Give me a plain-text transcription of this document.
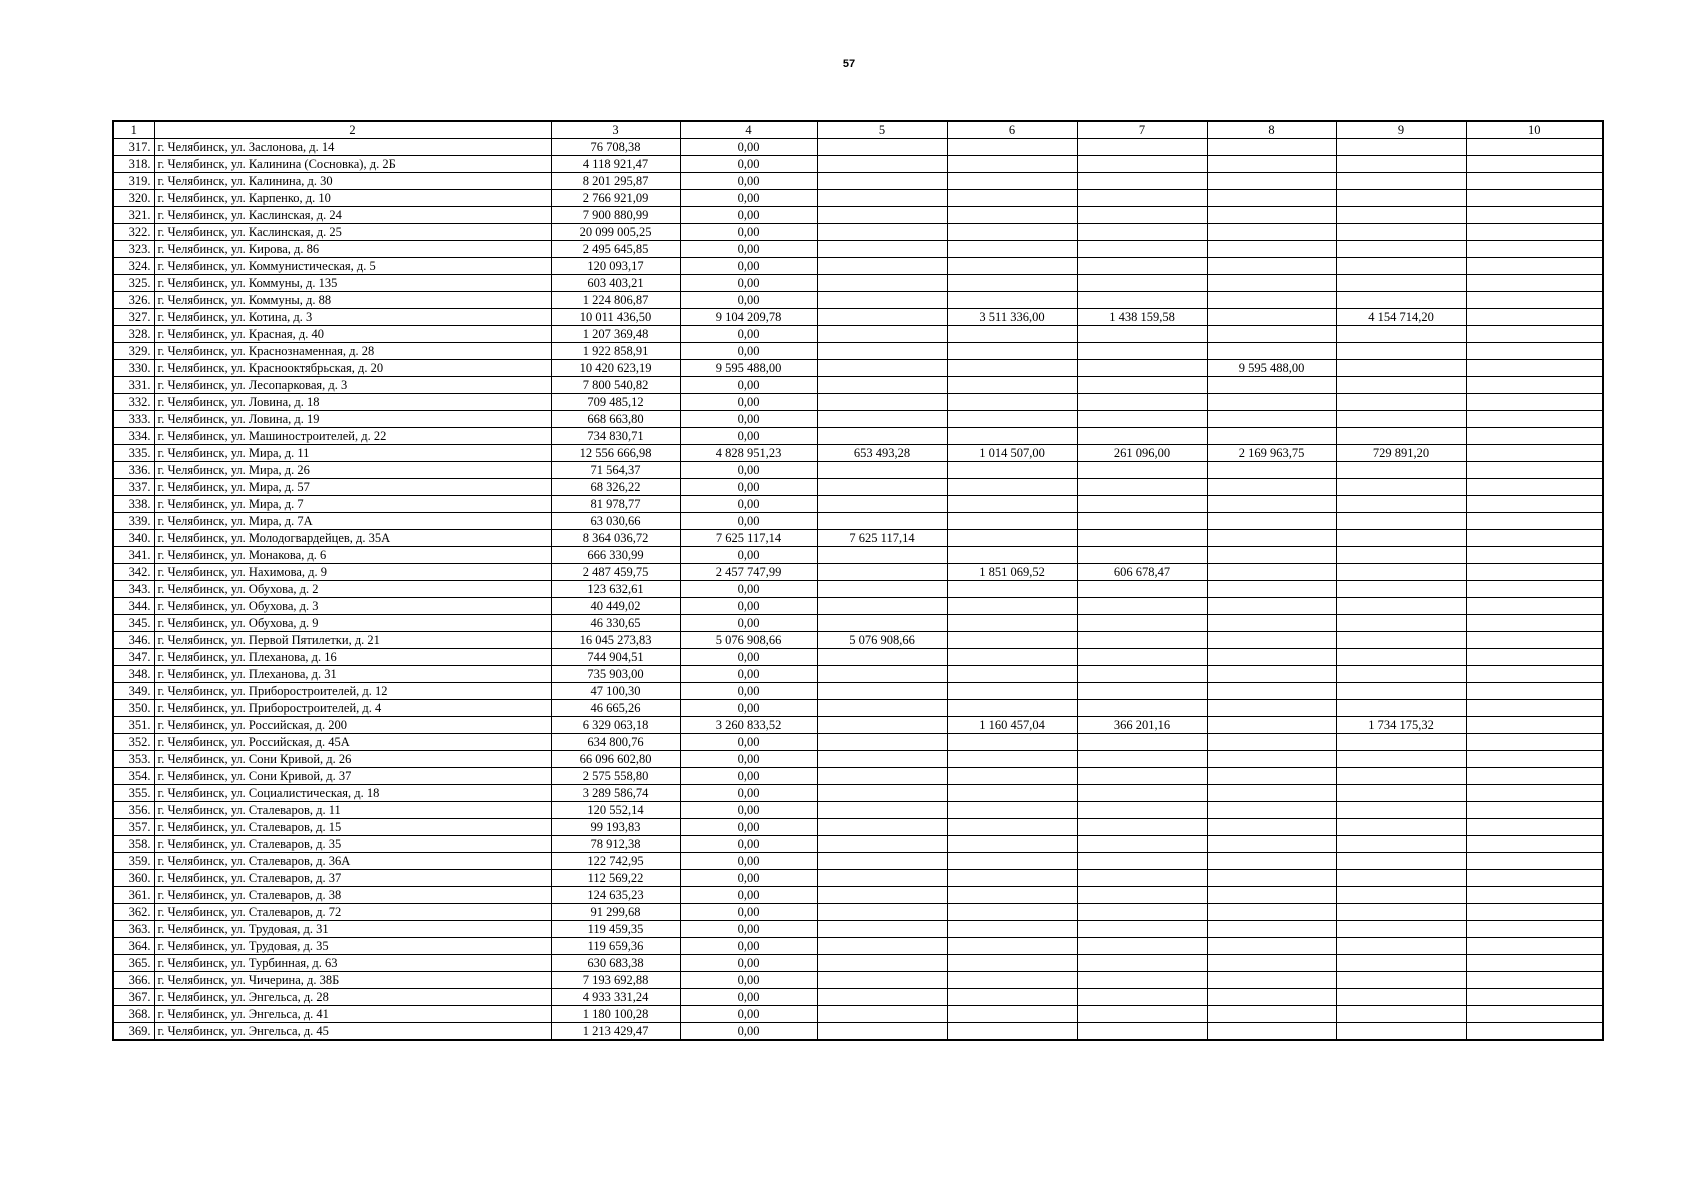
57
1	2	3	4	5	6	7	8	9	10
317.	г. Челябинск, ул. Заслонова, д. 14	76 708,38	0,00						
318.	г. Челябинск, ул. Калинина (Сосновка), д. 2Б	4 118 921,47	0,00						
319.	г. Челябинск, ул. Калинина, д. 30	8 201 295,87	0,00						
320.	г. Челябинск, ул. Карпенко, д. 10	2 766 921,09	0,00						
321.	г. Челябинск, ул. Каслинская, д. 24	7 900 880,99	0,00						
322.	г. Челябинск, ул. Каслинская, д. 25	20 099 005,25	0,00						
323.	г. Челябинск, ул. Кирова, д. 86	2 495 645,85	0,00						
324.	г. Челябинск, ул. Коммунистическая, д. 5	120 093,17	0,00						
325.	г. Челябинск, ул. Коммуны, д. 135	603 403,21	0,00						
326.	г. Челябинск, ул. Коммуны, д. 88	1 224 806,87	0,00						
327.	г. Челябинск, ул. Котина, д. 3	10 011 436,50	9 104 209,78		3 511 336,00	1 438 159,58		4 154 714,20	
328.	г. Челябинск, ул. Красная, д. 40	1 207 369,48	0,00						
329.	г. Челябинск, ул. Краснознаменная, д. 28	1 922 858,91	0,00						
330.	г. Челябинск, ул. Краснооктябрьская, д. 20	10 420 623,19	9 595 488,00				9 595 488,00		
331.	г. Челябинск, ул. Лесопарковая, д. 3	7 800 540,82	0,00						
332.	г. Челябинск, ул. Ловина, д. 18	709 485,12	0,00						
333.	г. Челябинск, ул. Ловина, д. 19	668 663,80	0,00						
334.	г. Челябинск, ул. Машиностроителей, д. 22	734 830,71	0,00						
335.	г. Челябинск, ул. Мира, д. 11	12 556 666,98	4 828 951,23	653 493,28	1 014 507,00	261 096,00	2 169 963,75	729 891,20	
336.	г. Челябинск, ул. Мира, д. 26	71 564,37	0,00						
337.	г. Челябинск, ул. Мира, д. 57	68 326,22	0,00						
338.	г. Челябинск, ул. Мира, д. 7	81 978,77	0,00						
339.	г. Челябинск, ул. Мира, д. 7А	63 030,66	0,00						
340.	г. Челябинск, ул. Молодогвардейцев, д. 35А	8 364 036,72	7 625 117,14	7 625 117,14					
341.	г. Челябинск, ул. Монакова, д. 6	666 330,99	0,00						
342.	г. Челябинск, ул. Нахимова, д. 9	2 487 459,75	2 457 747,99		1 851 069,52	606 678,47			
343.	г. Челябинск, ул. Обухова, д. 2	123 632,61	0,00						
344.	г. Челябинск, ул. Обухова, д. 3	40 449,02	0,00						
345.	г. Челябинск, ул. Обухова, д. 9	46 330,65	0,00						
346.	г. Челябинск, ул. Первой Пятилетки, д. 21	16 045 273,83	5 076 908,66	5 076 908,66					
347.	г. Челябинск, ул. Плеханова, д. 16	744 904,51	0,00						
348.	г. Челябинск, ул. Плеханова, д. 31	735 903,00	0,00						
349.	г. Челябинск, ул. Приборостроителей, д. 12	47 100,30	0,00						
350.	г. Челябинск, ул. Приборостроителей, д. 4	46 665,26	0,00						
351.	г. Челябинск, ул. Российская, д. 200	6 329 063,18	3 260 833,52		1 160 457,04	366 201,16		1 734 175,32	
352.	г. Челябинск, ул. Российская, д. 45А	634 800,76	0,00						
353.	г. Челябинск, ул. Сони Кривой, д. 26	66 096 602,80	0,00						
354.	г. Челябинск, ул. Сони Кривой, д. 37	2 575 558,80	0,00						
355.	г. Челябинск, ул. Социалистическая, д. 18	3 289 586,74	0,00						
356.	г. Челябинск, ул. Сталеваров, д. 11	120 552,14	0,00						
357.	г. Челябинск, ул. Сталеваров, д. 15	99 193,83	0,00						
358.	г. Челябинск, ул. Сталеваров, д. 35	78 912,38	0,00						
359.	г. Челябинск, ул. Сталеваров, д. 36А	122 742,95	0,00						
360.	г. Челябинск, ул. Сталеваров, д. 37	112 569,22	0,00						
361.	г. Челябинск, ул. Сталеваров, д. 38	124 635,23	0,00						
362.	г. Челябинск, ул. Сталеваров, д. 72	91 299,68	0,00						
363.	г. Челябинск, ул. Трудовая, д. 31	119 459,35	0,00						
364.	г. Челябинск, ул. Трудовая, д. 35	119 659,36	0,00						
365.	г. Челябинск, ул. Турбинная, д. 63	630 683,38	0,00						
366.	г. Челябинск, ул. Чичерина, д. 38Б	7 193 692,88	0,00						
367.	г. Челябинск, ул. Энгельса, д. 28	4 933 331,24	0,00						
368.	г. Челябинск, ул. Энгельса, д. 41	1 180 100,28	0,00						
369.	г. Челябинск, ул. Энгельса, д. 45	1 213 429,47	0,00						
